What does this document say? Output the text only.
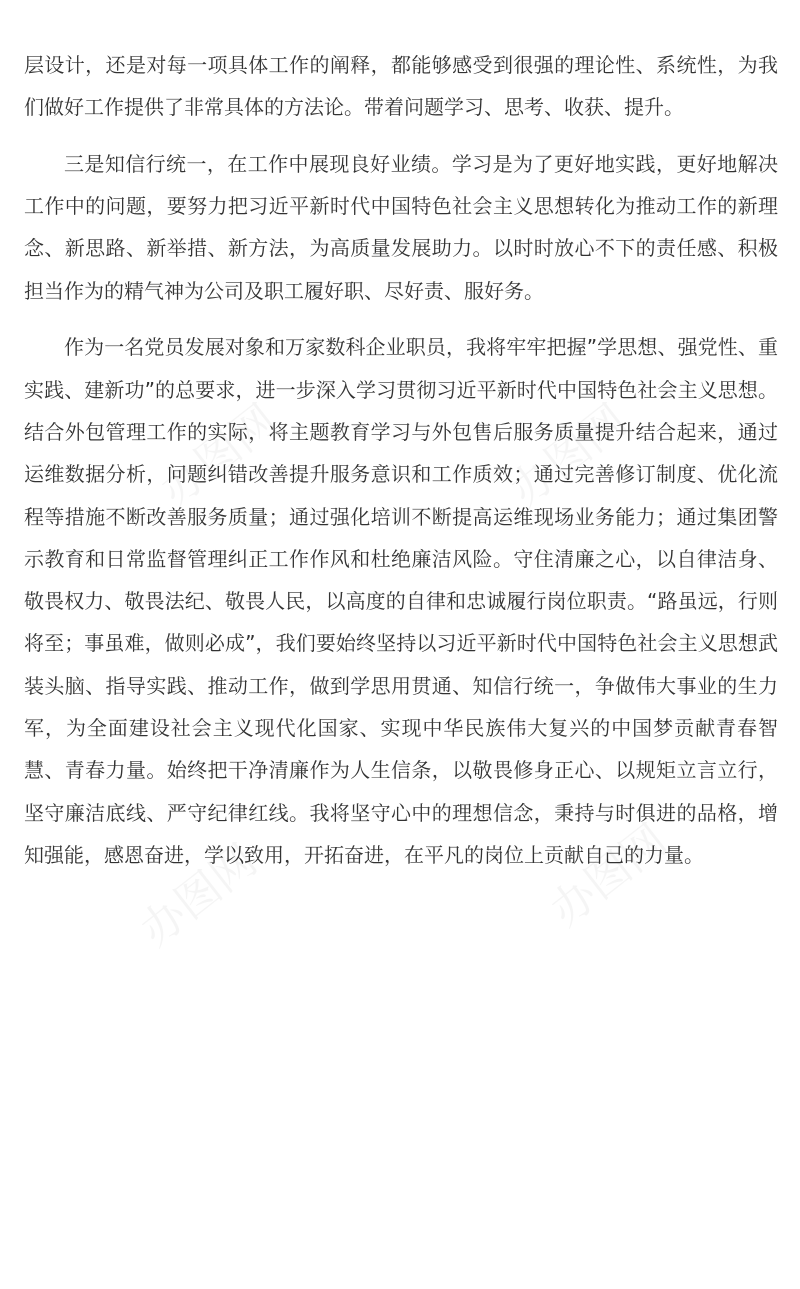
办图网	办图网
办图网	办图网

层设计，还是对每一项具体工作的阐释，都能够感受到很强的理论性、系统性，为我们做好工作提供了非常具体的方法论。带着问题学习、思考、收获、提升。

三是知信行统一，在工作中展现良好业绩。学习是为了更好地实践，更好地解决工作中的问题，要努力把习近平新时代中国特色社会主义思想转化为推动工作的新理念、新思路、新举措、新方法，为高质量发展助力。以时时放心不下的责任感、积极担当作为的精气神为公司及职工履好职、尽好责、服好务。

作为一名党员发展对象和万家数科企业职员，我将牢牢把握”学思想、强党性、重实践、建新功”的总要求，进一步深入学习贯彻习近平新时代中国特色社会主义思想。结合外包管理工作的实际，将主题教育学习与外包售后服务质量提升结合起来，通过运维数据分析，问题纠错改善提升服务意识和工作质效；通过完善修订制度、优化流程等措施不断改善服务质量；通过强化培训不断提高运维现场业务能力；通过集团警示教育和日常监督管理纠正工作作风和杜绝廉洁风险。守住清廉之心，以自律洁身、敬畏权力、敬畏法纪、敬畏人民，以高度的自律和忠诚履行岗位职责。“路虽远，行则将至；事虽难，做则必成”，我们要始终坚持以习近平新时代中国特色社会主义思想武装头脑、指导实践、推动工作，做到学思用贯通、知信行统一，争做伟大事业的生力军，为全面建设社会主义现代化国家、实现中华民族伟大复兴的中国梦贡献青春智慧、青春力量。始终把干净清廉作为人生信条，以敬畏修身正心、以规矩立言立行，坚守廉洁底线、严守纪律红线。我将坚守心中的理想信念，秉持与时俱进的品格，增知强能，感恩奋进，学以致用，开拓奋进，在平凡的岗位上贡献自己的力量。
